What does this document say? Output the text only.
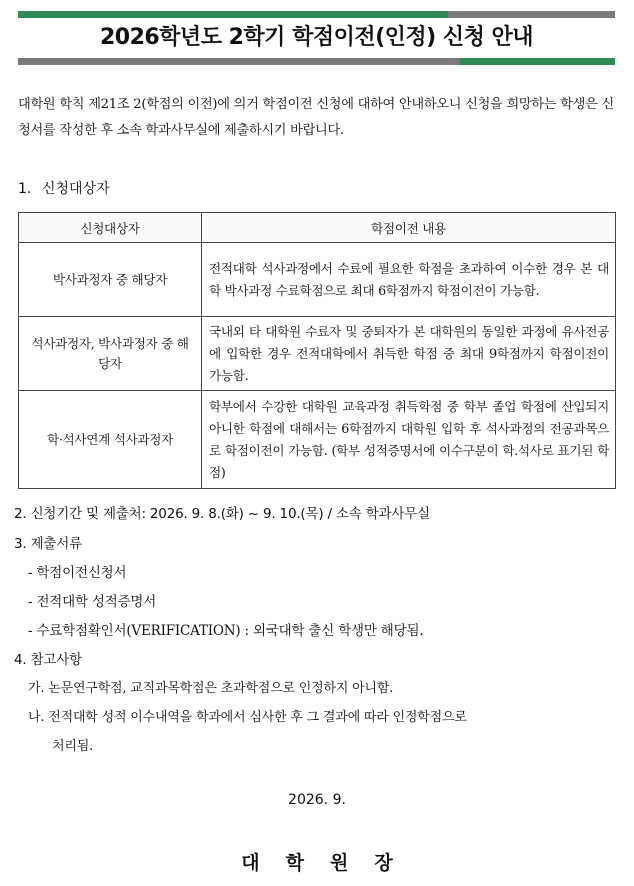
2026학년도 2학기 학점이전(인정) 신청 안내
대학원 학칙 제21조 2(학점의 이전)에 의거 학점이전 신청에 대하여 안내하오니 신청을 희망하는 학생은 신청서를 작성한 후 소속 학과사무실에 제출하시기 바랍니다.
1. 신청대상자
신청대상자	학점이전 내용
박사과정자 중 해당자	전적대학 석사과정에서 수료에 필요한 학점을 초과하여 이수한 경우 본 대학 박사과정 수료학점으로 최대 6학점까지 학점이전이 가능함.
석사과정자, 박사과정자 중 해당자	국내외 타 대학원 수료자 및 중퇴자가 본 대학원의 동일한 과정에 유사전공에 입학한 경우 전적대학에서 취득한 학점 중 최대 9학점까지 학점이전이 가능함.
학·석사연계 석사과정자	학부에서 수강한 대학원 교육과정 취득학점 중 학부 졸업 학점에 산입되지 아니한 학점에 대해서는 6학점까지 대학원 입학 후 석사과정의 전공과목으로 학점이전이 가능함. (학부 성적증명서에 이수구분이 학.석사로 표기된 학점)
2. 신청기간 및 제출처: 2026. 9. 8.(화) ~ 9. 10.(목) / 소속 학과사무실
3. 제출서류
- 학점이전신청서
- 전적대학 성적증명서
- 수료학점확인서(VERIFICATION) : 외국대학 출신 학생만 해당됨.
4. 참고사항
가. 논문연구학점, 교직과목학점은 초과학점으로 인정하지 아니함.
나. 전적대학 성적 이수내역을 학과에서 심사한 후 그 결과에 따라 인정학점으로
처리됨.
2026. 9.
대학원장
